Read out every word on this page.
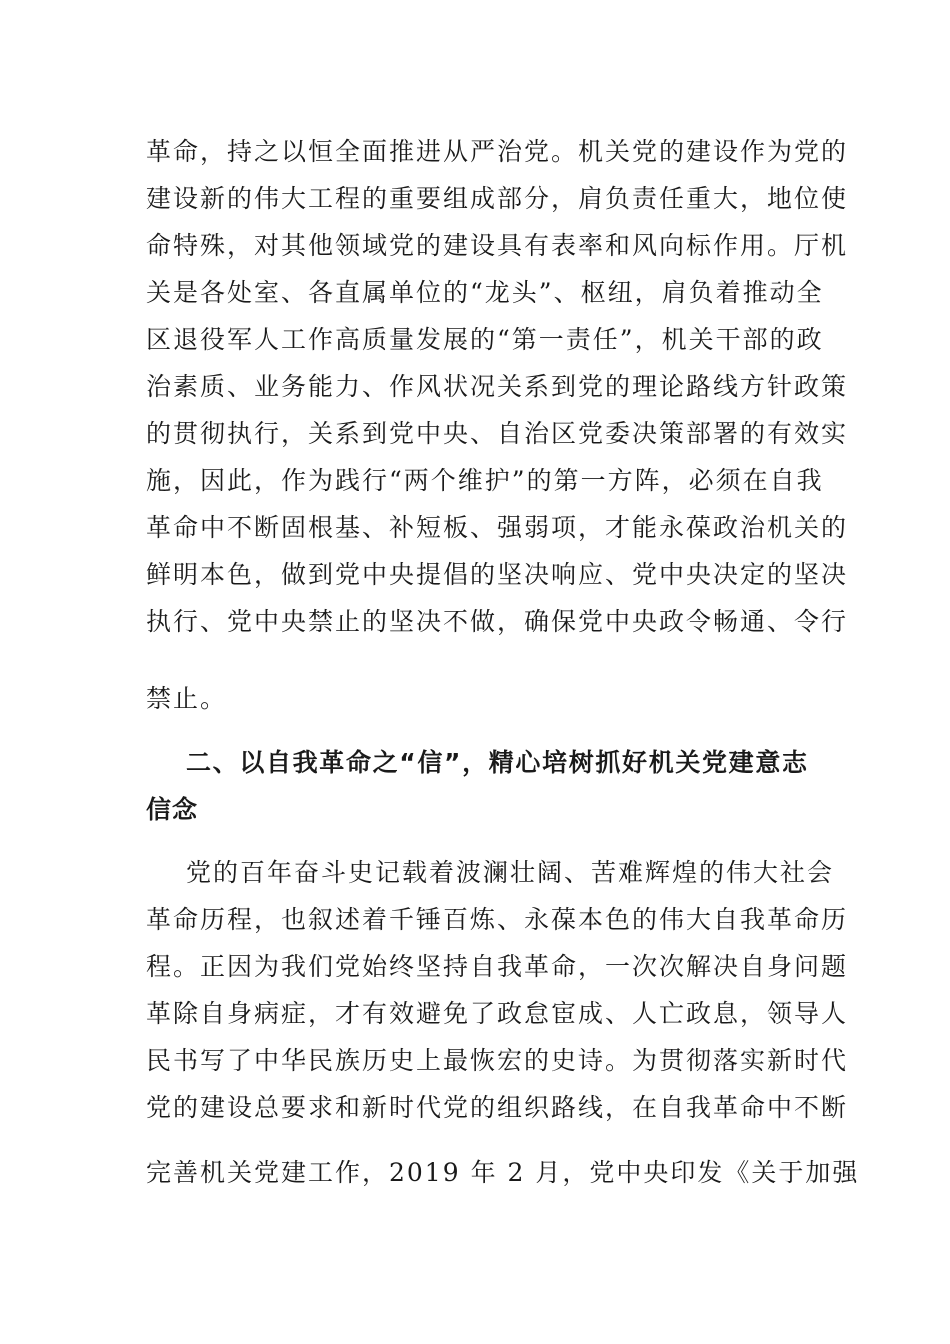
革命，持之以恒全面推进从严治党。机关党的建设作为党的
建设新的伟大工程的重要组成部分，肩负责任重大，地位使
命特殊，对其他领域党的建设具有表率和风向标作用。厅机
关是各处室、各直属单位的“龙头”、枢纽，肩负着推动全
区退役军人工作高质量发展的“第一责任”，机关干部的政
治素质、业务能力、作风状况关系到党的理论路线方针政策
的贯彻执行，关系到党中央、自治区党委决策部署的有效实
施，因此，作为践行“两个维护”的第一方阵，必须在自我
革命中不断固根基、补短板、强弱项，才能永葆政治机关的
鲜明本色，做到党中央提倡的坚决响应、党中央决定的坚决
执行、党中央禁止的坚决不做，确保党中央政令畅通、令行
禁止。
二、以自我革命之“信”，精心培树抓好机关党建意志
信念
党的百年奋斗史记载着波澜壮阔、苦难辉煌的伟大社会
革命历程，也叙述着千锤百炼、永葆本色的伟大自我革命历
程。正因为我们党始终坚持自我革命，一次次解决自身问题
革除自身病症，才有效避免了政怠宦成、人亡政息，领导人
民书写了中华民族历史上最恢宏的史诗。为贯彻落实新时代
党的建设总要求和新时代党的组织路线，在自我革命中不断
完善机关党建工作，2019 年 2 月，党中央印发《关于加强
